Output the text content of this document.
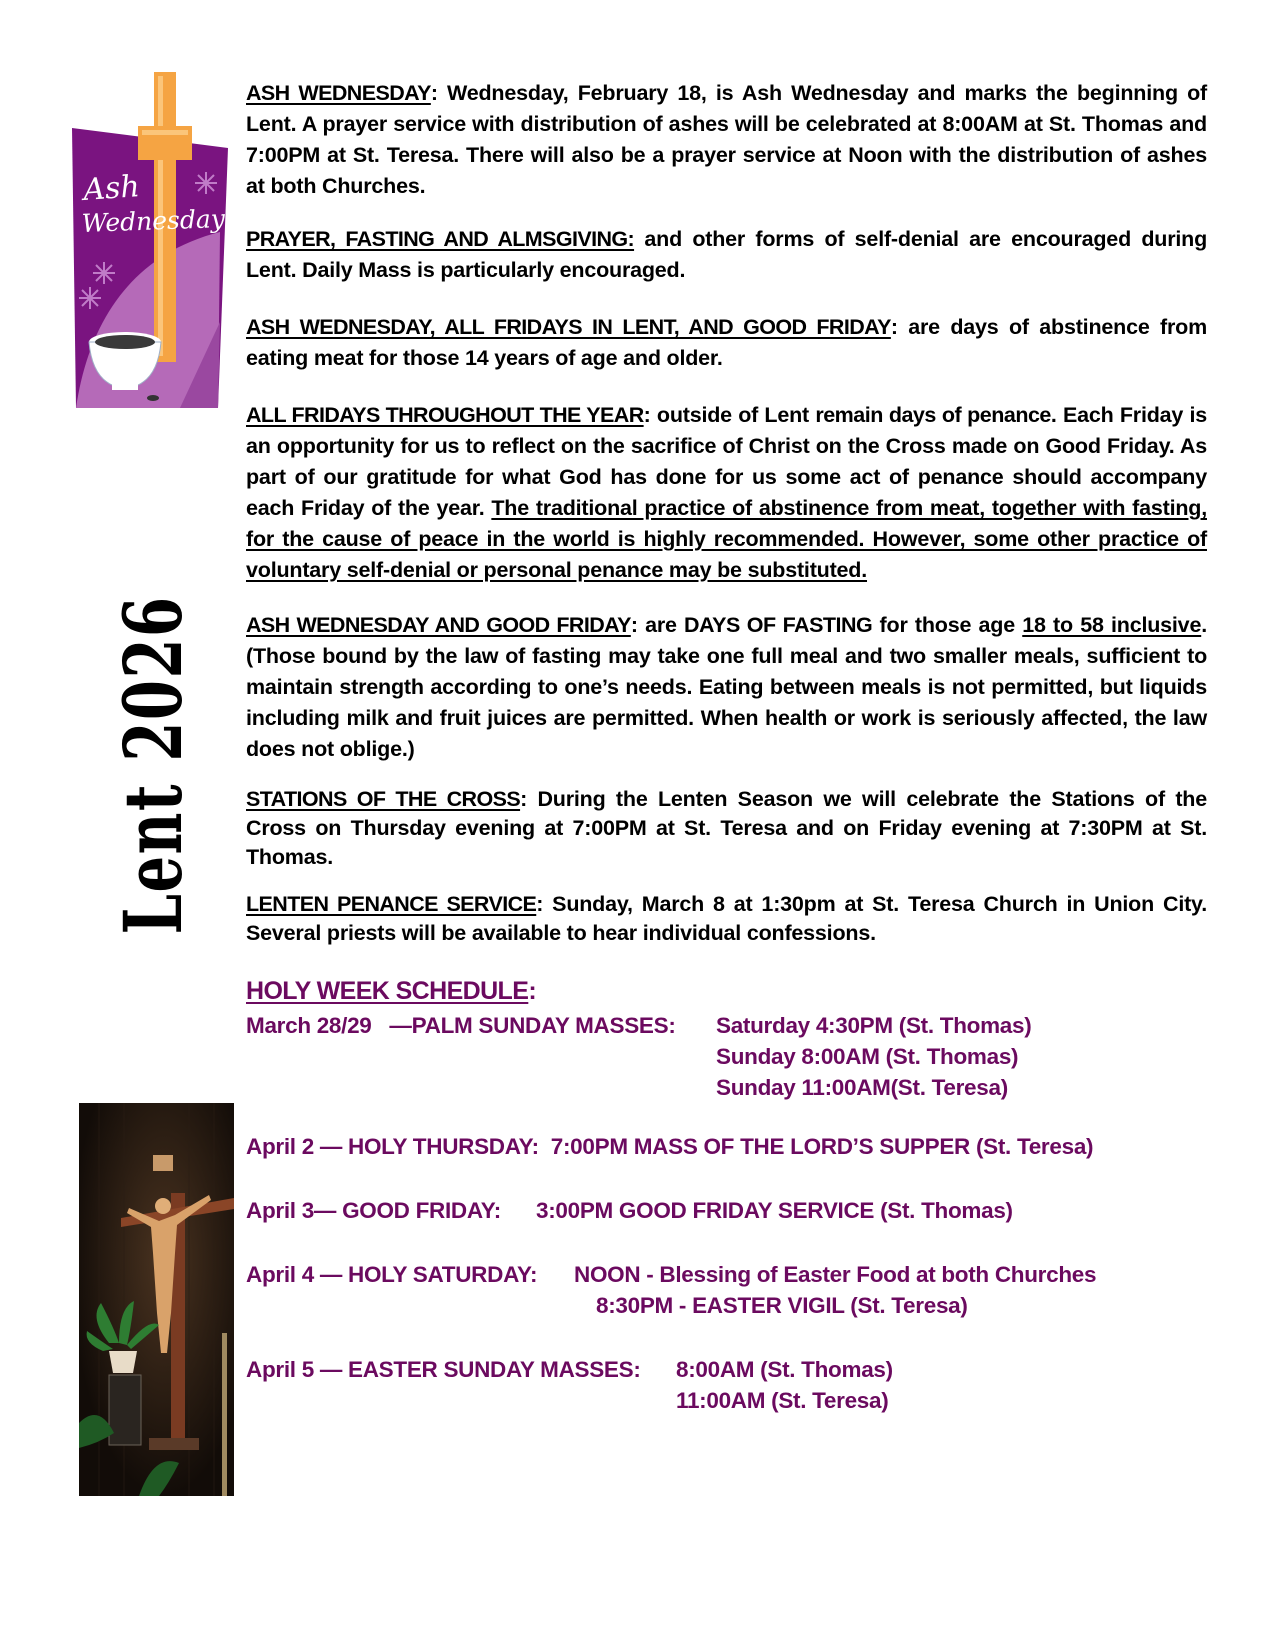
Ash
Wednesday
Lent 2026

ASH WEDNESDAY: Wednesday, February 18, is Ash Wednesday and marks the beginning of Lent. A prayer service with distribution of ashes will be celebrated at 8:00AM at St. Thomas and 7:00PM at St. Teresa. There will also be a prayer service at Noon with the distribution of ashes at both Churches.

PRAYER, FASTING AND ALMSGIVING: and other forms of self-denial are encouraged during Lent. Daily Mass is particularly encouraged.

ASH WEDNESDAY, ALL FRIDAYS IN LENT, AND GOOD FRIDAY: are days of abstinence from eating meat for those 14 years of age and older.

ALL FRIDAYS THROUGHOUT THE YEAR: outside of Lent remain days of penance. Each Friday is an opportunity for us to reflect on the sacrifice of Christ on the Cross made on Good Friday. As part of our gratitude for what God has done for us some act of penance should accompany each Friday of the year. The traditional practice of abstinence from meat, together with fasting, for the cause of peace in the world is highly recommended. However, some other practice of voluntary self-denial or personal penance may be substituted.

ASH WEDNESDAY AND GOOD FRIDAY: are DAYS OF FASTING for those age 18 to 58 inclusive. (Those bound by the law of fasting may take one full meal and two smaller meals, sufficient to maintain strength according to one’s needs. Eating between meals is not permitted, but liquids including milk and fruit juices are permitted. When health or work is seriously affected, the law does not oblige.)

STATIONS OF THE CROSS: During the Lenten Season we will celebrate the Stations of the Cross on Thursday evening at 7:00PM at St. Teresa and on Friday evening at 7:30PM at St. Thomas.

LENTEN PENANCE SERVICE: Sunday, March 8 at 1:30pm at St. Teresa Church in Union City. Several priests will be available to hear individual confessions.

HOLY WEEK SCHEDULE:
March 28/29 —PALM SUNDAY MASSES: Saturday 4:30PM (St. Thomas)
Sunday 8:00AM (St. Thomas)
Sunday 11:00AM(St. Teresa)
April 2 — HOLY THURSDAY: 7:00PM MASS OF THE LORD’S SUPPER (St. Teresa)
April 3— GOOD FRIDAY: 3:00PM GOOD FRIDAY SERVICE (St. Thomas)
April 4 — HOLY SATURDAY: NOON - Blessing of Easter Food at both Churches
8:30PM - EASTER VIGIL (St. Teresa)
April 5 — EASTER SUNDAY MASSES: 8:00AM (St. Thomas)
11:00AM (St. Teresa)
